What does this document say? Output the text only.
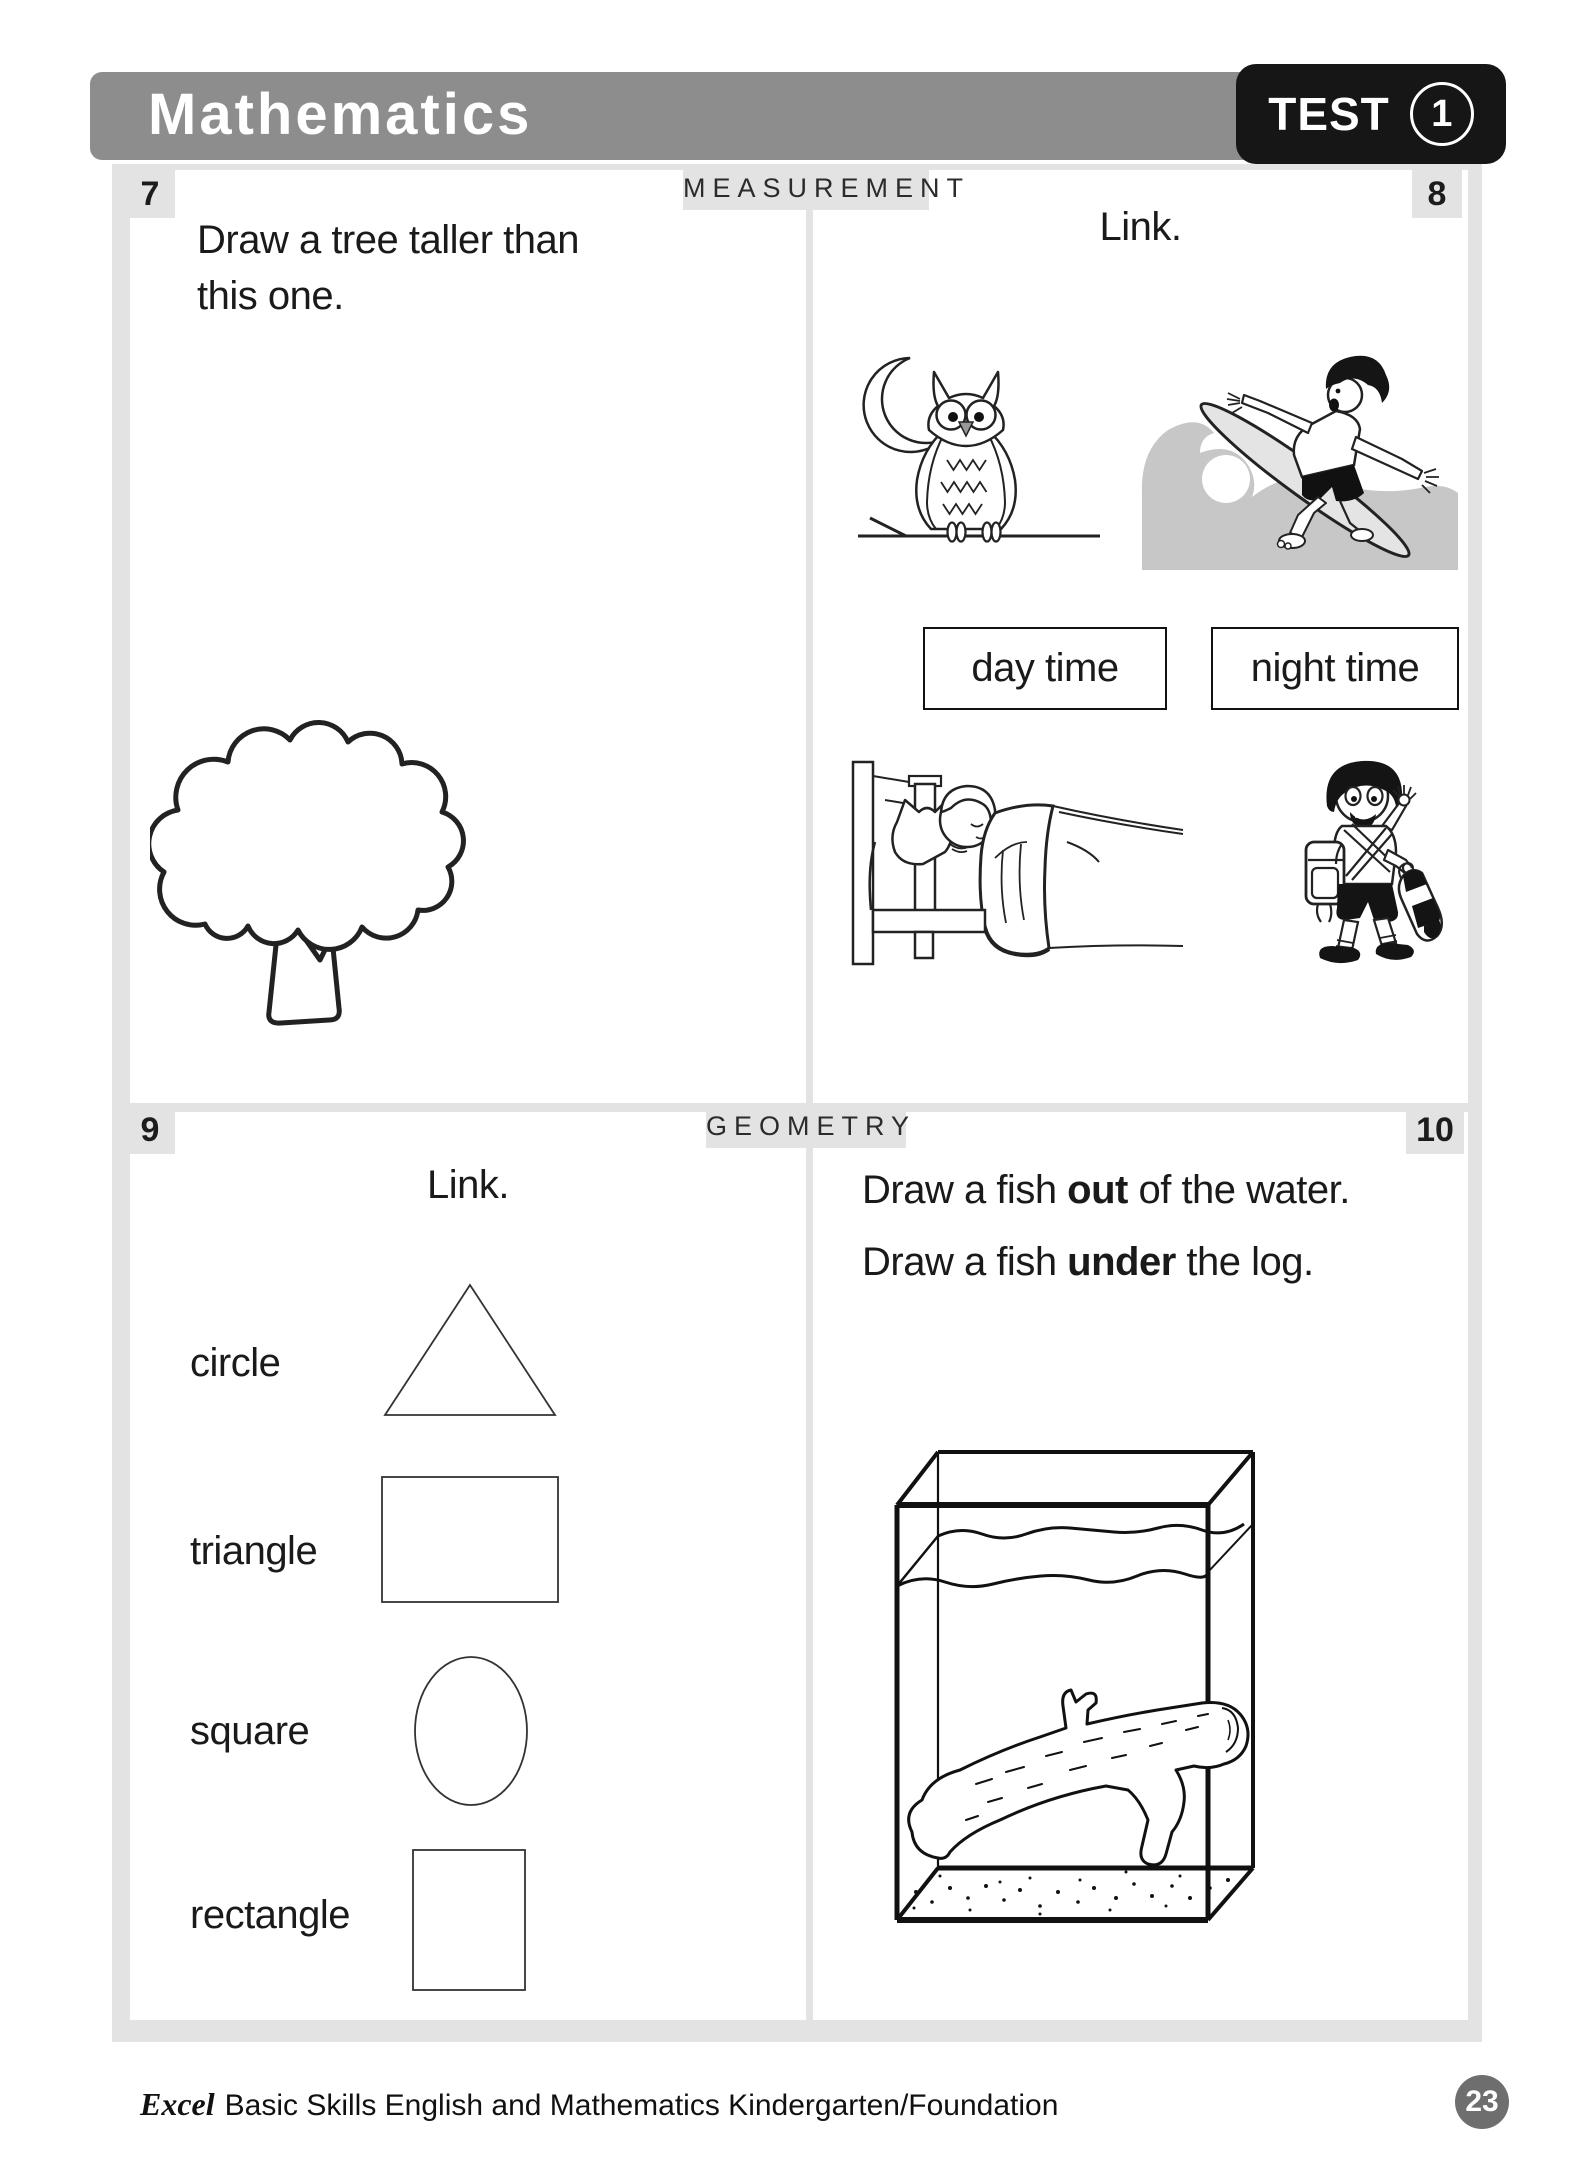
Mathematics	TEST	1
7	8
9	10
MEASUREMENT
GEOMETRY
Draw a tree taller than
this one.
Link.
day time	night time
Link.
circle
triangle
square
rectangle
Draw a fish out of the water.
Draw a fish under the log.
Excel Basic Skills English and Mathematics Kindergarten/Foundation	23
